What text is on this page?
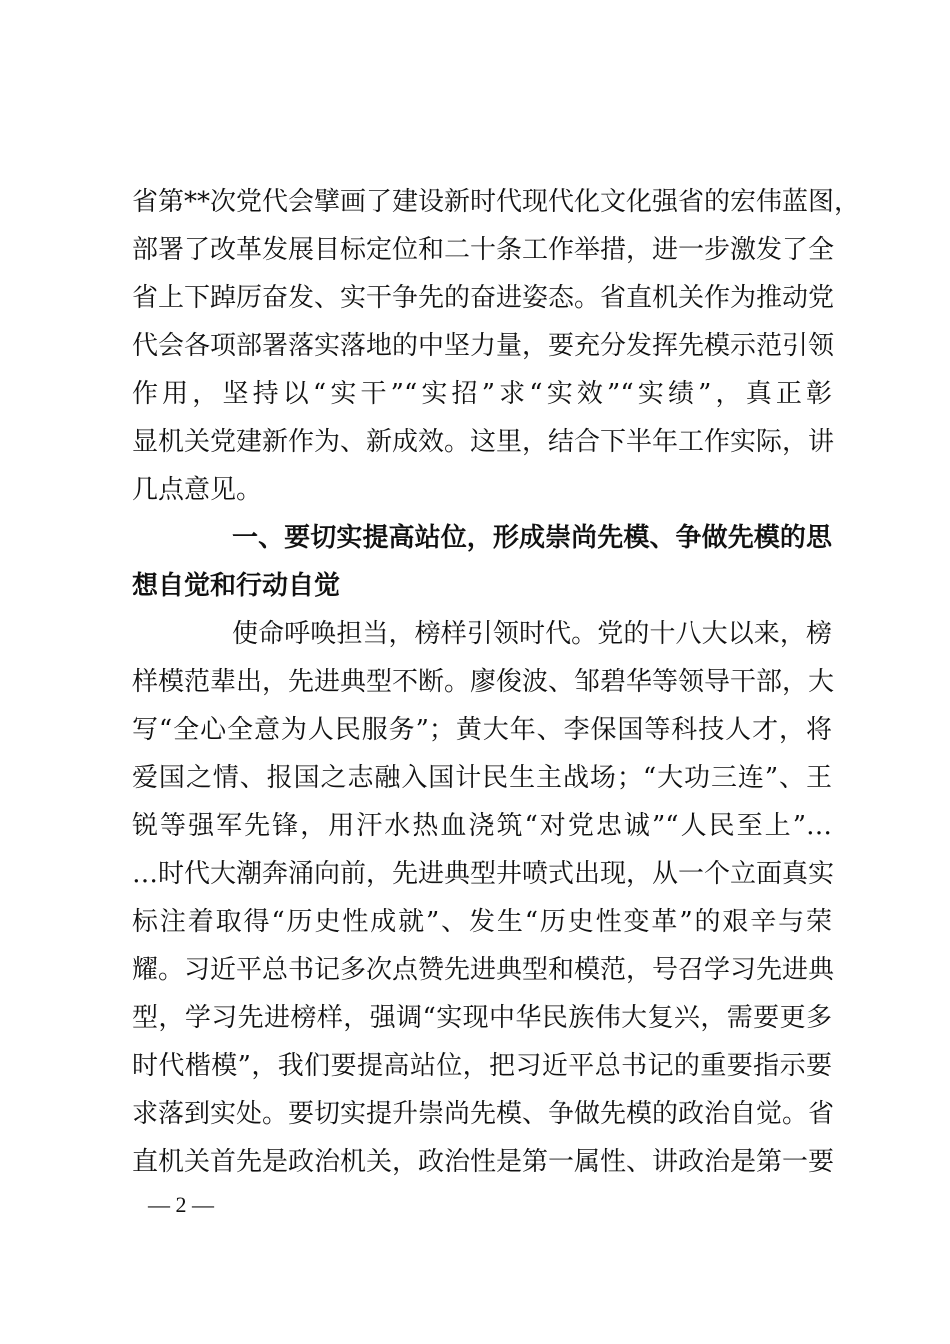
省第**次党代会擘画了建设新时代现代化文化强省的宏伟蓝图，
部署了改革发展目标定位和二十条工作举措，进一步激发了全
省上下踔厉奋发、实干争先的奋进姿态。省直机关作为推动党
代会各项部署落实落地的中坚力量，要充分发挥先模示范引领
作用，坚持以“实干”“实招”求“实效”“实绩”，真正彰
显机关党建新作为、新成效。这里，结合下半年工作实际，讲
几点意见。
一、要切实提高站位，形成崇尚先模、争做先模的思
想自觉和行动自觉
使命呼唤担当，榜样引领时代。党的十八大以来，榜
样模范辈出，先进典型不断。廖俊波、邹碧华等领导干部，大
写“全心全意为人民服务”；黄大年、李保国等科技人才，将
爱国之情、报国之志融入国计民生主战场；“大功三连”、王
锐等强军先锋，用汗水热血浇筑“对党忠诚”“人民至上”…
…时代大潮奔涌向前，先进典型井喷式出现，从一个立面真实
标注着取得“历史性成就”、发生“历史性变革”的艰辛与荣
耀。习近平总书记多次点赞先进典型和模范，号召学习先进典
型，学习先进榜样，强调“实现中华民族伟大复兴，需要更多
时代楷模”，我们要提高站位，把习近平总书记的重要指示要
求落到实处。要切实提升崇尚先模、争做先模的政治自觉。省
直机关首先是政治机关，政治性是第一属性、讲政治是第一要
— 2 —
